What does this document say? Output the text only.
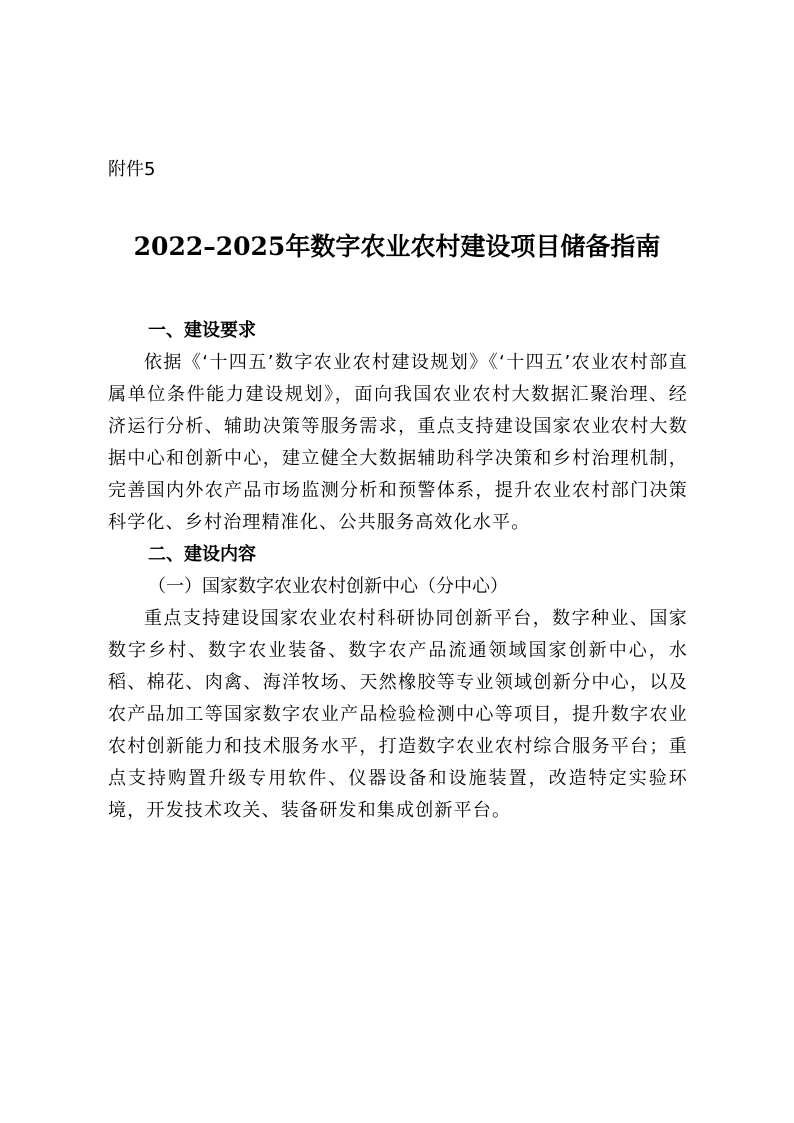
附件5
2022–2025年数字农业农村建设项目储备指南

一、建设要求

依据《‘十四五’数字农业农村建设规划》《‘十四五’农业农村部直属单位条件能力建设规划》，面向我国农业农村大数据汇聚治理、经济运行分析、辅助决策等服务需求，重点支持建设国家农业农村大数据中心和创新中心，建立健全大数据辅助科学决策和乡村治理机制，完善国内外农产品市场监测分析和预警体系，提升农业农村部门决策科学化、乡村治理精准化、公共服务高效化水平。

二、建设内容

（一）国家数字农业农村创新中心（分中心）

重点支持建设国家农业农村科研协同创新平台，数字种业、国家数字乡村、数字农业装备、数字农产品流通领域国家创新中心，水稻、棉花、肉禽、海洋牧场、天然橡胶等专业领域创新分中心，以及农产品加工等国家数字农业产品检验检测中心等项目，提升数字农业农村创新能力和技术服务水平，打造数字农业农村综合服务平台；重点支持购置升级专用软件、仪器设备和设施装置，改造特定实验环境，开发技术攻关、装备研发和集成创新平台。
